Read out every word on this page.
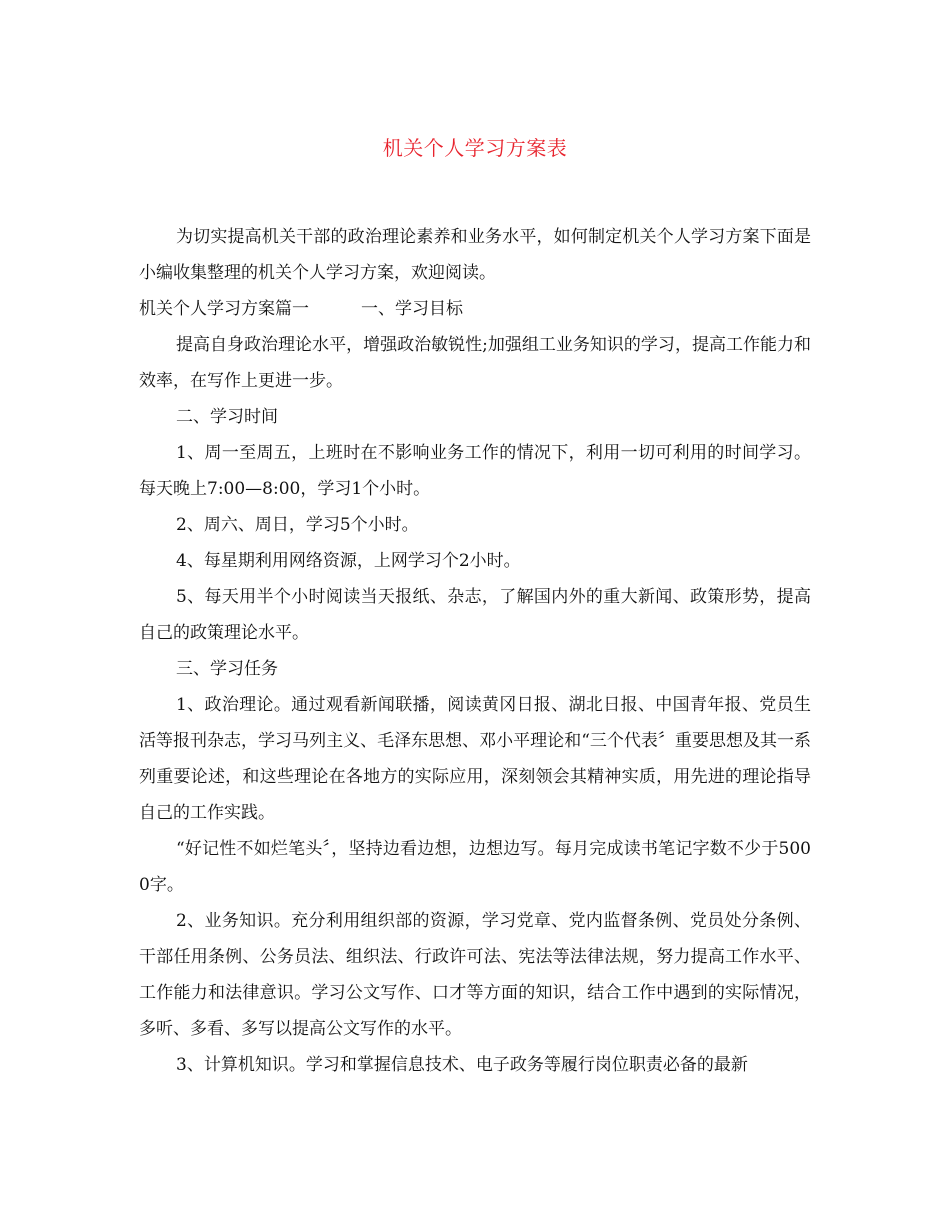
机关个人学习方案表

为切实提高机关干部的政治理论素养和业务水平，如何制定机关个人学习方案下面是小编收集整理的机关个人学习方案，欢迎阅读。

机关个人学习方案篇一	一、学习目标

提高自身政治理论水平，增强政治敏锐性;加强组工业务知识的学习，提高工作能力和效率，在写作上更进一步。

二、学习时间

1、周一至周五，上班时在不影响业务工作的情况下，利用一切可利用的时间学习。每天晚上7:00—8:00，学习1个小时。

2、周六、周日，学习5个小时。

4、每星期利用网络资源，上网学习个2小时。

5、每天用半个小时阅读当天报纸、杂志，了解国内外的重大新闻、政策形势，提高自己的政策理论水平。

三、学习任务

1、政治理论。通过观看新闻联播，阅读黄冈日报、湖北日报、中国青年报、党员生活等报刊杂志，学习马列主义、毛泽东思想、邓小平理论和“三个代表〞重要思想及其一系列重要论述，和这些理论在各地方的实际应用，深刻领会其精神实质，用先进的理论指导自己的工作实践。

“好记性不如烂笔头〞，坚持边看边想，边想边写。每月完成读书笔记字数不少于5000字。

2、业务知识。充分利用组织部的资源，学习党章、党内监督条例、党员处分条例、干部任用条例、公务员法、组织法、行政许可法、宪法等法律法规，努力提高工作水平、工作能力和法律意识。学习公文写作、口才等方面的知识，结合工作中遇到的实际情况，多听、多看、多写以提高公文写作的水平。

3、计算机知识。学习和掌握信息技术、电子政务等履行岗位职责必备的最新
